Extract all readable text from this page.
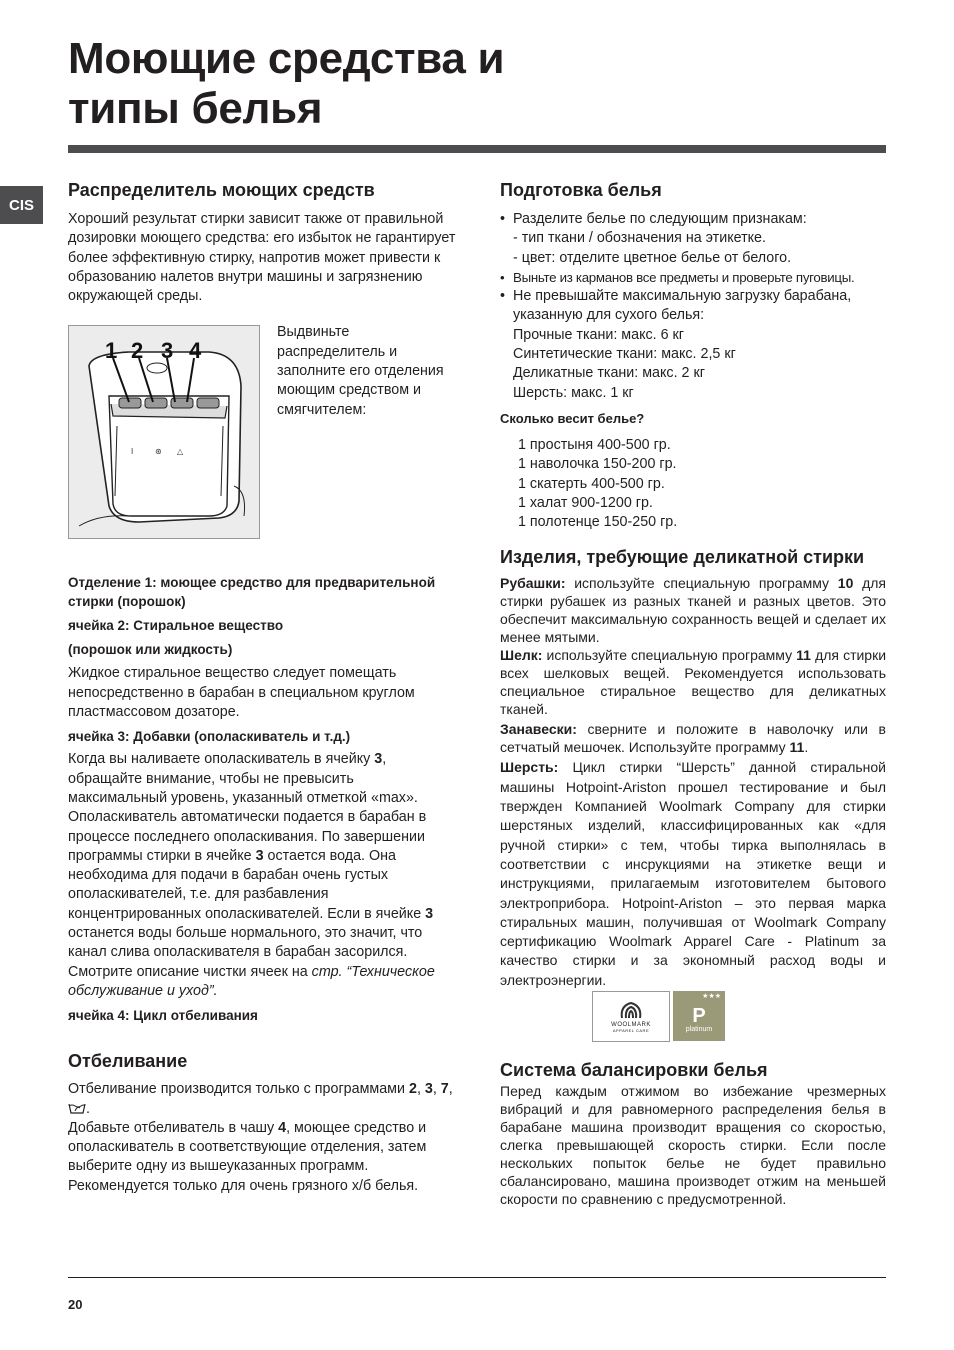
Моющие средства и
типы белья
CIS
Распределитель моющих средств

Хороший результат стирки зависит также от правильной дозировки моющего средства: его избыток не гарантирует более эффективную стирку, напротив может привести к образованию налетов внутри машины и загрязнению окружающей среды.

I	⊛ △
1 2 3 4
Выдвиньте распределитель и заполните его отделения моющим средством и смягчителем:

Отделение 1: моющее средство для предварительной стирки (порошок)

ячейка 2: Стиральное вещество

(порошок или жидкость)

Жидкое стиральное вещество следует помещать непосредственно в барабан в специальном круглом пластмассовом дозаторе.

ячейка 3: Добавки (ополаскиватель и т.д.)

Когда вы наливаете ополаскиватель в ячейку 3, обращайте внимание, чтобы не превысить максимальный уровень, указанный отметкой «max». Ополаскиватель автоматически подается в барабан в процессе последнего ополаскивания. По завершении программы стирки в ячейке 3 остается вода. Она необходима для подачи в барабан очень густых ополаскивателей, т.е. для разбавления концентрированных ополаскивателей. Если в ячейке 3 останется воды больше нормального, это значит, что канал слива ополаскивателя в барабан засорился. Смотрите описание чистки ячеек на стр. “Техническое обслуживание и уход”.

ячейка 4: Цикл отбеливания

Отбеливание

Отбеливание производится только с программами 2, 3, 7, .

Добавьте отбеливатель в чашу 4, моющее средство и ополаскиватель в соответствующие отделения, затем выберите одну из вышеуказанных программ. Рекомендуется только для очень грязного х/б белья.

Подготовка белья
• Разделите белье по следующим признакам:
- тип ткани / обозначения на этикетке.
- цвет: отделите цветное белье от белого.
• Выньте из карманов все предметы и проверьте пуговицы.
• Не превышайте максимальную загрузку барабана, указанную для сухого белья:
Прочные ткани: макс. 6 кг
Синтетические ткани: макс. 2,5 кг
Деликатные ткани: макс. 2 кг
Шерсть: макс. 1 кг

Сколько весит белье?

1 простыня 400-500 гр.
1 наволочка 150-200 гр.
1 скатерть 400-500 гр.
1 халат 900-1200 гр.
1 полотенце 150-250 гр.
Изделия, требующие деликатной стирки

Рубашки: используйте специальную программу 10 для стирки рубашек из разных тканей и разных цветов. Это обеспечит максимальную сохранность вещей и сделает их менее мятыми.

Шелк: используйте специальную программу 11 для стирки всех шелковых вещей. Рекомендуется использовать специальное стиральное вещество для деликатных тканей.

Занавески: сверните и положите в наволочку или в сетчатый мешочек. Используйте программу 11.

Шерсть: Цикл стирки “Шерсть” данной стиральной машины Hotpoint-Ariston прошел тестирование и был твержден Компанией Woolmark Company для стирки шерстяных изделий, классифицированных как «для ручной стирки» с тем, чтобы тирка выполнялась в соответствии с инсрукциями на этикетке вещи и инструкциями, прилагаемым изготовителем бытового электроприбора. Hotpoint-Ariston – это первая марка стиральных машин, получившая от Woolmark Company сертификацию Woolmark Apparel Care - Platinum за качество стирки и за экономный расход воды и электроэнергии.

WOOLMARK
APPAREL CARE
★★★
P
platinum
Система балансировки белья

Перед каждым отжимом во избежание чрезмерных вибраций и для равномерного распределения белья в барабане машина производит вращения со скоростью, слегка превышающей скорость стирки. Если после нескольких попыток белье не будет правильно сбалансировано, машина производет отжим на меньшей скорости по сравнению с предусмотренной.

20
